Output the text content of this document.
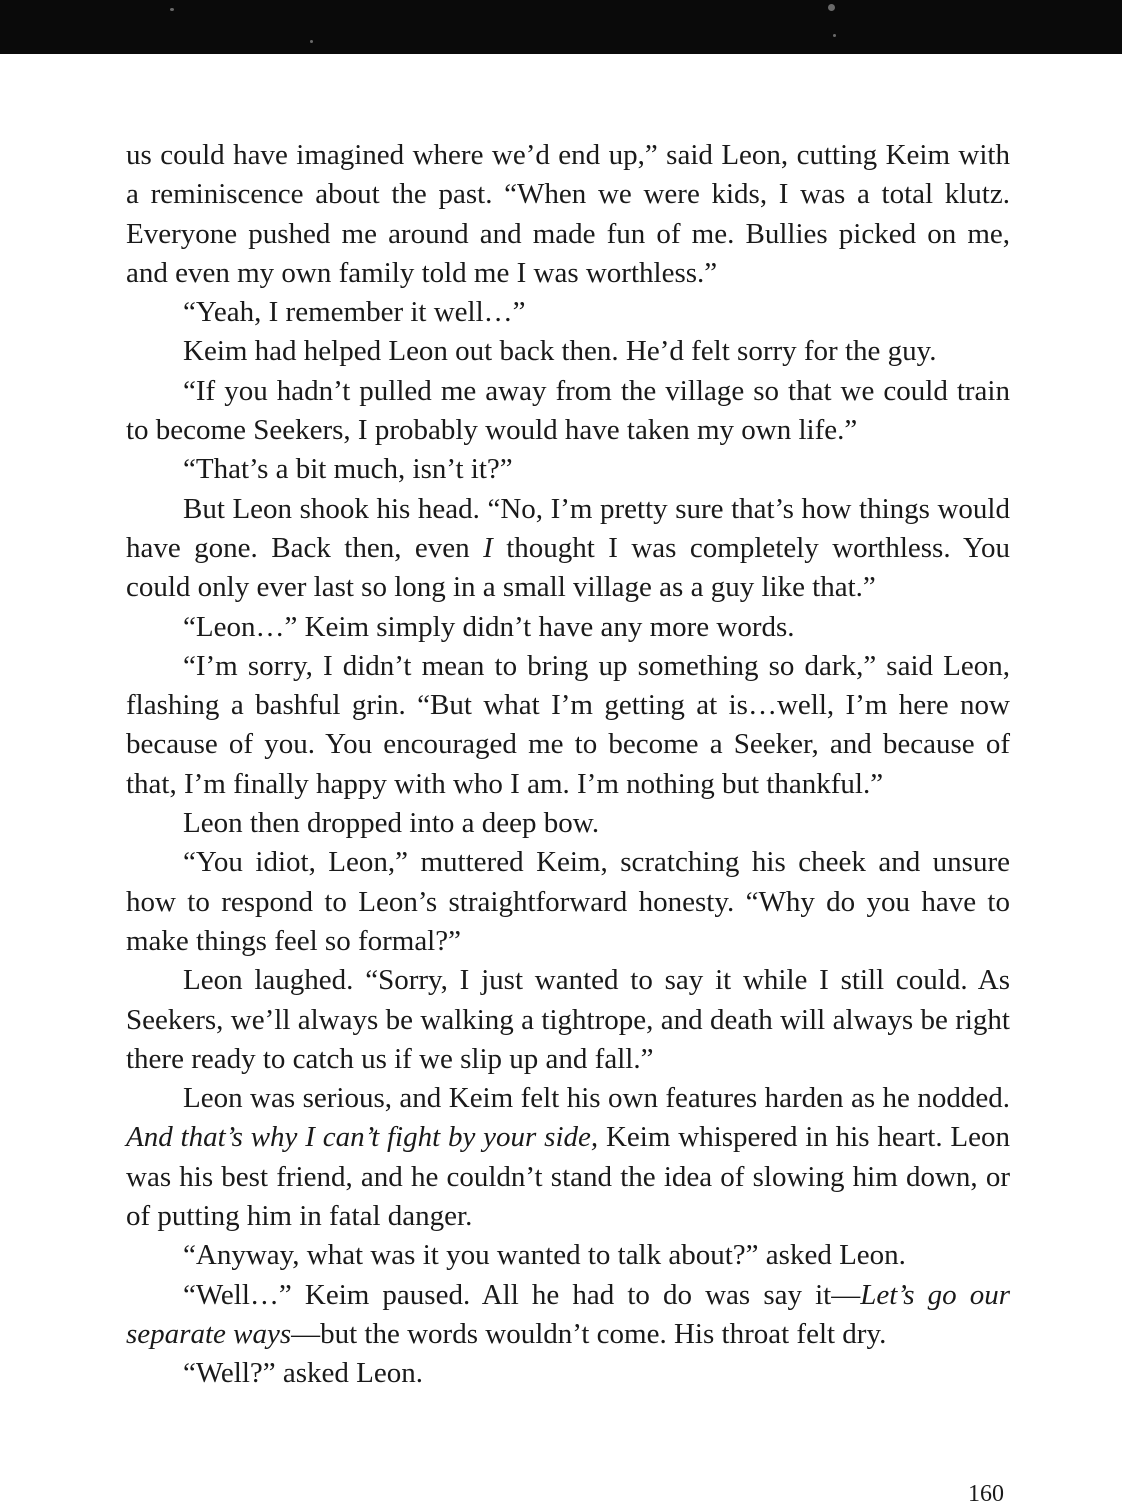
us could have imagined where we’d end up,” said Leon, cutting Keim with a reminiscence about the past. “When we were kids, I was a total klutz. Everyone pushed me around and made fun of me. Bullies picked on me, and even my own family told me I was worthless.”

“Yeah, I remember it well…”

Keim had helped Leon out back then. He’d felt sorry for the guy.

“If you hadn’t pulled me away from the village so that we could train to become Seekers, I probably would have taken my own life.”

“That’s a bit much, isn’t it?”

But Leon shook his head. “No, I’m pretty sure that’s how things would have gone. Back then, even I thought I was completely worthless. You could only ever last so long in a small village as a guy like that.”

“Leon…” Keim simply didn’t have any more words.

“I’m sorry, I didn’t mean to bring up something so dark,” said Leon, flashing a bashful grin. “But what I’m getting at is…well, I’m here now because of you. You encouraged me to become a Seeker, and because of that, I’m finally happy with who I am. I’m nothing but thankful.”

Leon then dropped into a deep bow.

“You idiot, Leon,” muttered Keim, scratching his cheek and unsure how to respond to Leon’s straightforward honesty. “Why do you have to make things feel so formal?”

Leon laughed. “Sorry, I just wanted to say it while I still could. As Seekers, we’ll always be walking a tightrope, and death will always be right there ready to catch us if we slip up and fall.”

Leon was serious, and Keim felt his own features harden as he nodded. And that’s why I can’t fight by your side, Keim whispered in his heart. Leon was his best friend, and he couldn’t stand the idea of slowing him down, or of putting him in fatal danger.

“Anyway, what was it you wanted to talk about?” asked Leon.

“Well…” Keim paused. All he had to do was say it—Let’s go our separate ways—but the words wouldn’t come. His throat felt dry.

“Well?” asked Leon.

160
